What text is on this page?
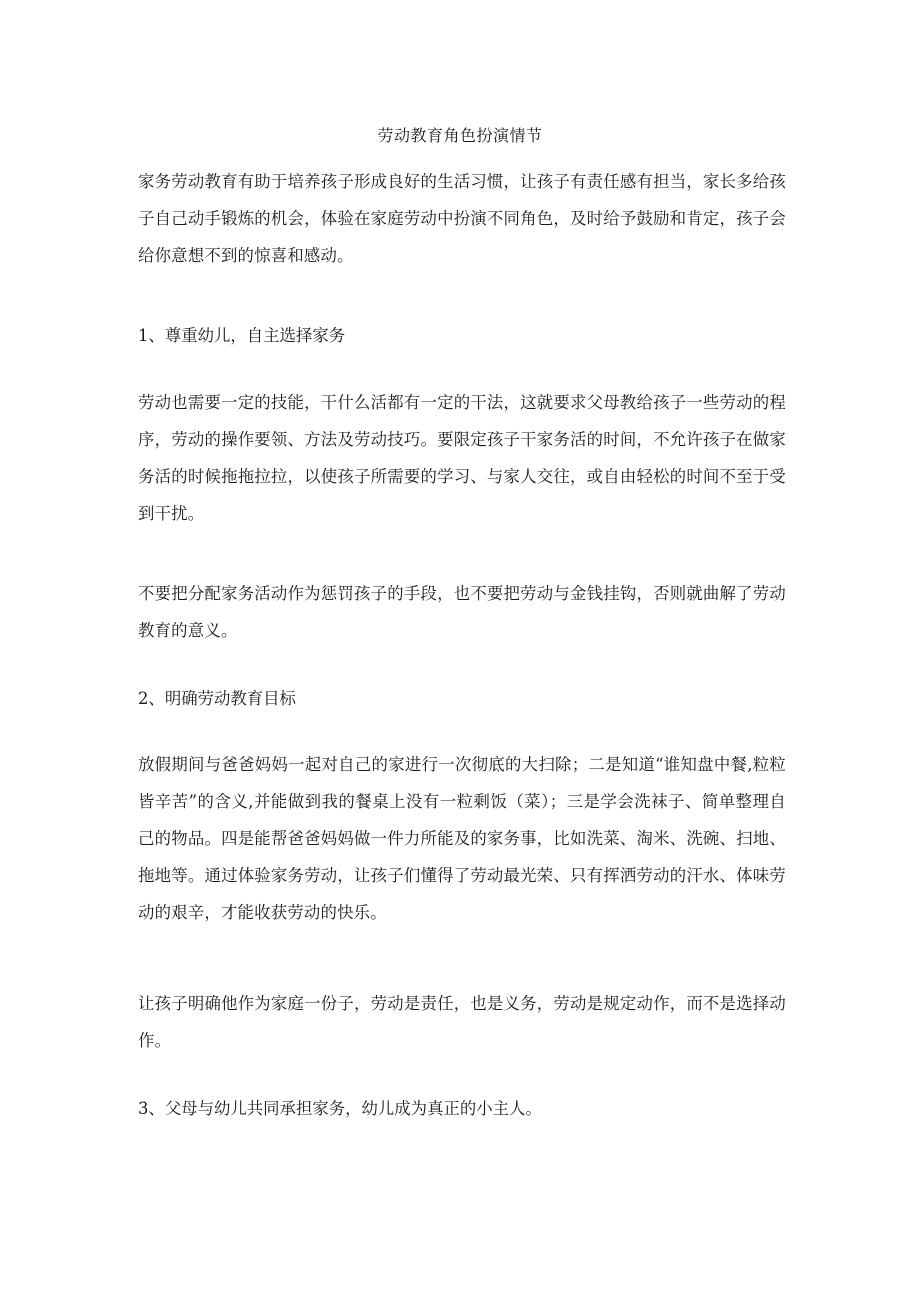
劳动教育角色扮演情节

家务劳动教育有助于培养孩子形成良好的生活习惯，让孩子有责任感有担当，家长多给孩子自己动手锻炼的机会，体验在家庭劳动中扮演不同角色，及时给予鼓励和肯定，孩子会给你意想不到的惊喜和感动。

1、尊重幼儿，自主选择家务

劳动也需要一定的技能，干什么活都有一定的干法，这就要求父母教给孩子一些劳动的程序，劳动的操作要领、方法及劳动技巧。要限定孩子干家务活的时间，不允许孩子在做家务活的时候拖拖拉拉，以使孩子所需要的学习、与家人交往，或自由轻松的时间不至于受到干扰。

不要把分配家务活动作为惩罚孩子的手段，也不要把劳动与金钱挂钩，否则就曲解了劳动教育的意义。

2、明确劳动教育目标

放假期间与爸爸妈妈一起对自己的家进行一次彻底的大扫除；二是知道“谁知盘中餐,粒粒皆辛苦”的含义,并能做到我的餐桌上没有一粒剩饭（菜）；三是学会洗袜子、简单整理自己的物品。四是能帮爸爸妈妈做一件力所能及的家务事，比如洗菜、淘米、洗碗、扫地、拖地等。通过体验家务劳动，让孩子们懂得了劳动最光荣、只有挥洒劳动的汗水、体味劳动的艰辛，才能收获劳动的快乐。

让孩子明确他作为家庭一份子，劳动是责任，也是义务，劳动是规定动作，而不是选择动作。

3、父母与幼儿共同承担家务，幼儿成为真正的小主人。
